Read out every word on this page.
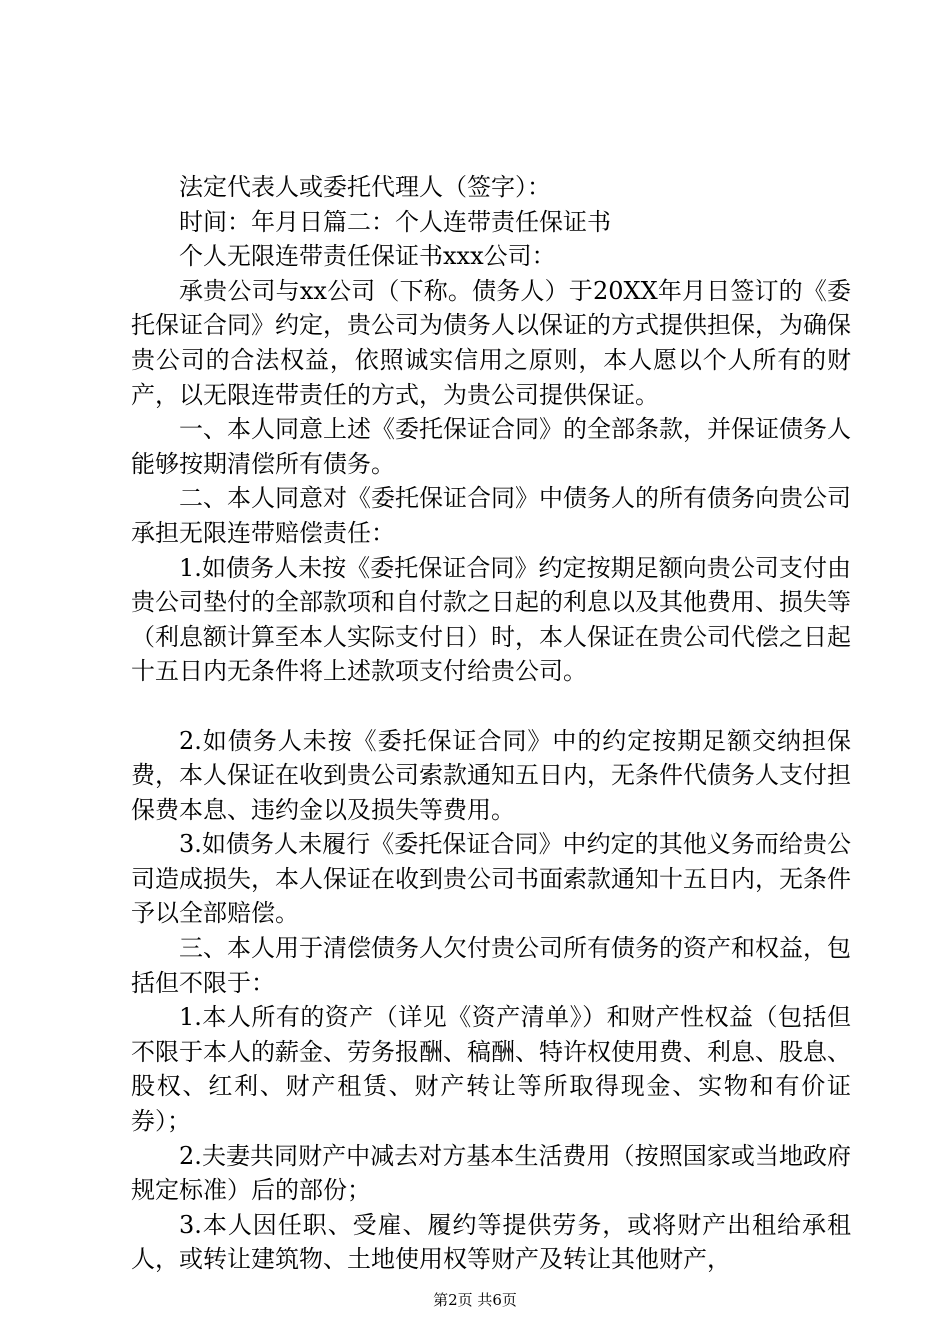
法定代表人或委托代理人（签字）：

时间：年月日篇二：个人连带责任保证书

个人无限连带责任保证书xxx公司：

承贵公司与xx公司（下称。债务人）于20XX年月日签订的《委托保证合同》约定，贵公司为债务人以保证的方式提供担保，为确保贵公司的合法权益，依照诚实信用之原则，本人愿以个人所有的财产，以无限连带责任的方式，为贵公司提供保证。

一、本人同意上述《委托保证合同》的全部条款，并保证债务人能够按期清偿所有债务。

二、本人同意对《委托保证合同》中债务人的所有债务向贵公司承担无限连带赔偿责任：

1.如债务人未按《委托保证合同》约定按期足额向贵公司支付由贵公司垫付的全部款项和自付款之日起的利息以及其他费用、损失等（利息额计算至本人实际支付日）时，本人保证在贵公司代偿之日起十五日内无条件将上述款项支付给贵公司。

2.如债务人未按《委托保证合同》中的约定按期足额交纳担保费，本人保证在收到贵公司索款通知五日内，无条件代债务人支付担保费本息、违约金以及损失等费用。

3.如债务人未履行《委托保证合同》中约定的其他义务而给贵公司造成损失，本人保证在收到贵公司书面索款通知十五日内，无条件予以全部赔偿。

三、本人用于清偿债务人欠付贵公司所有债务的资产和权益，包括但不限于：

1.本人所有的资产（详见《资产清单》）和财产性权益（包括但不限于本人的薪金、劳务报酬、稿酬、特许权使用费、利息、股息、股权、红利、财产租赁、财产转让等所取得现金、实物和有价证券）；

2.夫妻共同财产中减去对方基本生活费用（按照国家或当地政府规定标准）后的部份；

3.本人因任职、受雇、履约等提供劳务，或将财产出租给承租人，或转让建筑物、土地使用权等财产及转让其他财产，

第2页 共6页
